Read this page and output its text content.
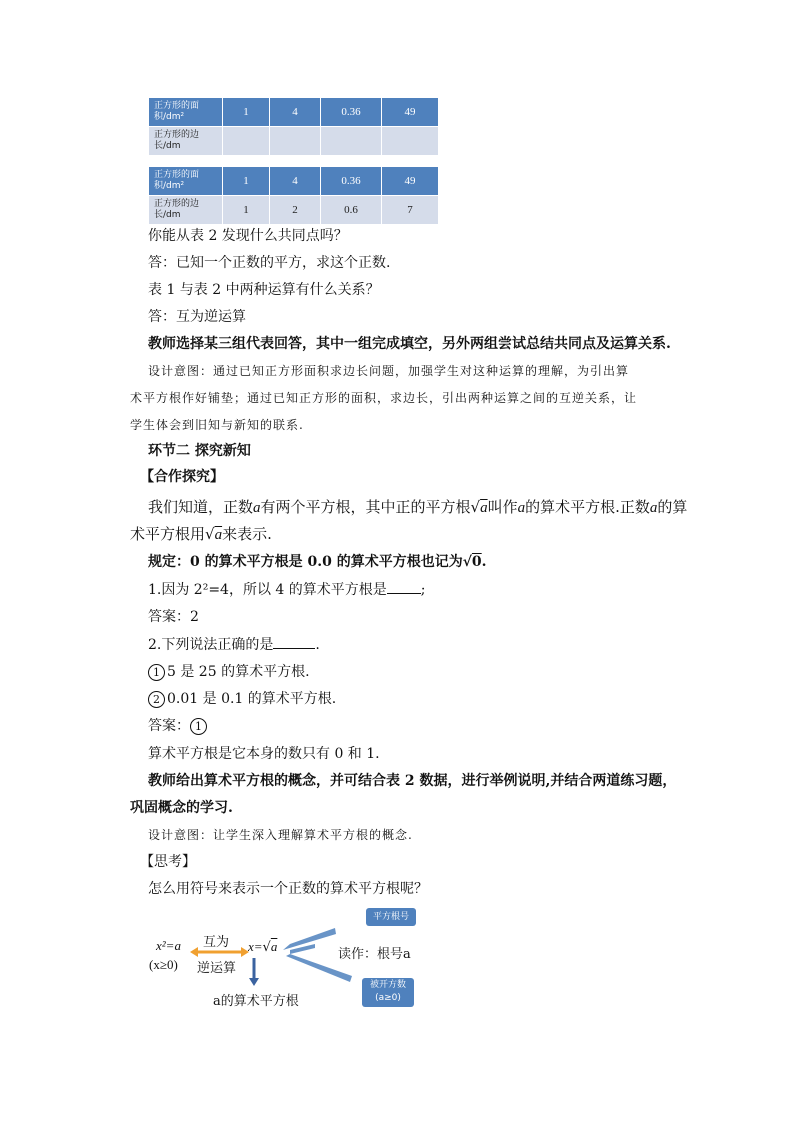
正方形的面积/dm²	1	4	0.36	49
正方形的边长/dm				
正方形的面积/dm²	1	4	0.36	49
正方形的边长/dm	1	2	0.6	7
你能从表 2 发现什么共同点吗？
答：已知一个正数的平方，求这个正数.
表 1 与表 2 中两种运算有什么关系？
答：互为逆运算
教师选择某三组代表回答，其中一组完成填空，另外两组尝试总结共同点及运算关系.
设计意图：通过已知正方形面积求边长问题，加强学生对这种运算的理解，为引出算
术平方根作好铺垫；通过已知正方形的面积，求边长，引出两种运算之间的互逆关系，让
学生体会到旧知与新知的联系.
环节二 探究新知
【合作探究】
我们知道，正数a有两个平方根，其中正的平方根√a叫作a的算术平方根.正数a的算
术平方根用√a来表示.
规定：0 的算术平方根是 0.0 的算术平方根也记为√0.
1.因为 2²=4，所以 4 的算术平方根是 ;
答案：2
2.下列说法正确的是	.
1 5 是 25 的算术平方根.
2 0.01 是 0.1 的算术平方根.
答案： 1
算术平方根是它本身的数只有 0 和 1.
教师给出算术平方根的概念，并可结合表 2 数据，进行举例说明,并结合两道练习题，
巩固概念的学习.
设计意图：让学生深入理解算术平方根的概念.
【思考】
怎么用符号来表示一个正数的算术平方根呢？
x²=a
(x≥0)
互为
逆运算
x=√a
读作：根号a
a的算术平方根
平方根号
被开方数
(a≥0)
